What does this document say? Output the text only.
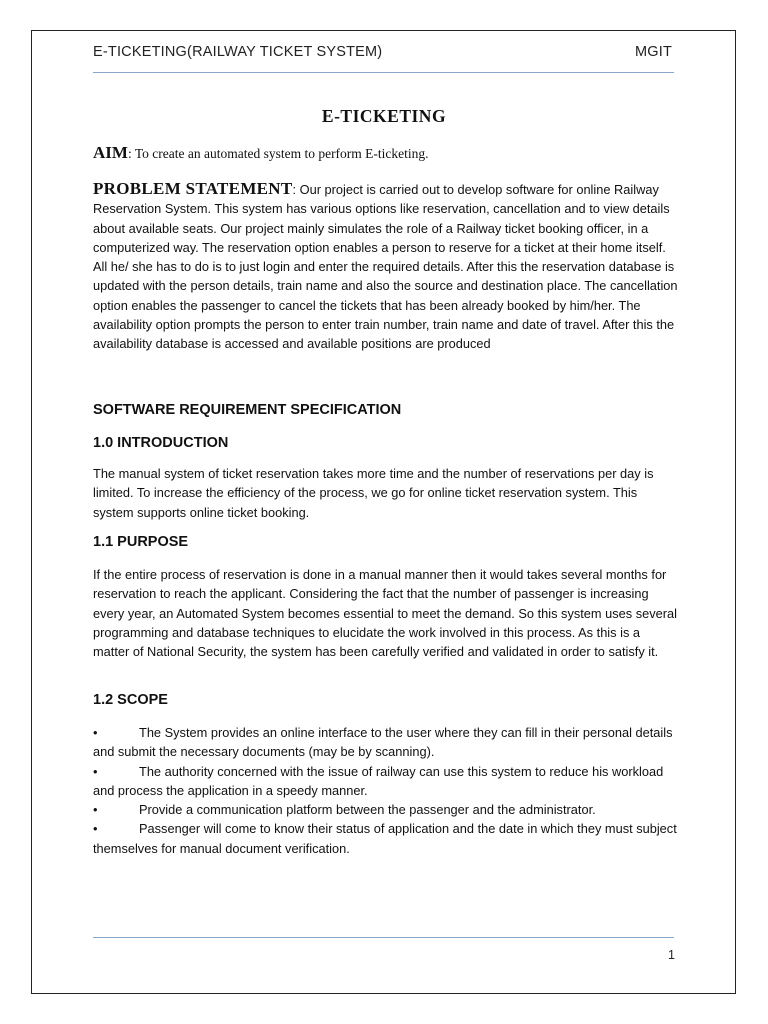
E-TICKETING(RAILWAY TICKET SYSTEM)	MGIT
E-TICKETING
AIM: To create an automated system to perform E-ticketing.
PROBLEM STATEMENT: Our project is carried out to develop software for online Railway Reservation System. This system has various options like reservation, cancellation and to view details about available seats. Our project mainly simulates the role of a Railway ticket booking officer, in a computerized way. The reservation option enables a person to reserve for a ticket at their home itself. All he/ she has to do is to just login and enter the required details. After this the reservation database is updated with the person details, train name and also the source and destination place. The cancellation option enables the passenger to cancel the tickets that has been already booked by him/her. The availability option prompts the person to enter train number, train name and date of travel. After this the availability database is accessed and available positions are produced
SOFTWARE REQUIREMENT SPECIFICATION
1.0 INTRODUCTION
The manual system of ticket reservation takes more time and the number of reservations per day is limited. To increase the efficiency of the process, we go for online ticket reservation system. This system supports online ticket booking.
1.1 PURPOSE
If the entire process of reservation is done in a manual manner then it would takes several months for reservation to reach the applicant. Considering the fact that the number of passenger is increasing every year, an Automated System becomes essential to meet the demand. So this system uses several programming and database techniques to elucidate the work involved in this process. As this is a matter of National Security, the system has been carefully verified and validated in order to satisfy it.
1.2 SCOPE
•	The System provides an online interface to the user where they can fill in their personal details and submit the necessary documents (may be by scanning).
•	The authority concerned with the issue of railway can use this system to reduce his workload and process the application in a speedy manner.
•	Provide a communication platform between the passenger and the administrator.
•	Passenger will come to know their status of application and the date in which they must subject themselves for manual document verification.
1
